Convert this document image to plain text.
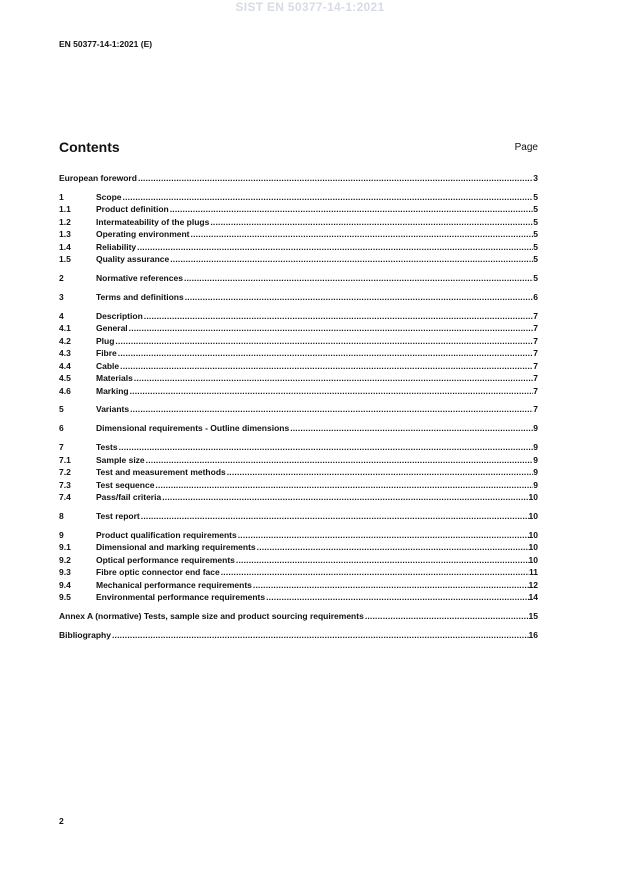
SIST EN 50377-14-1:2021
EN 50377-14-1:2021 (E)
Contents	Page
European foreword .....	3
1	Scope .....	5
1.1	Product definition .....	5
1.2	Intermateability of the plugs .....	5
1.3	Operating environment .....	5
1.4	Reliability .....	5
1.5	Quality assurance .....	5
2	Normative references .....	5
3	Terms and definitions .....	6
4	Description .....	7
4.1	General .....	7
4.2	Plug .....	7
4.3	Fibre .....	7
4.4	Cable .....	7
4.5	Materials .....	7
4.6	Marking .....	7
5	Variants .....	7
6	Dimensional requirements - Outline dimensions .....	9
7	Tests .....	9
7.1	Sample size .....	9
7.2	Test and measurement methods .....	9
7.3	Test sequence .....	9
7.4	Pass/fail criteria .....	10
8	Test report .....	10
9	Product qualification requirements .....	10
9.1	Dimensional and marking requirements .....	10
9.2	Optical performance requirements .....	10
9.3	Fibre optic connector end face .....	11
9.4	Mechanical performance requirements .....	12
9.5	Environmental performance requirements .....	14
Annex A (normative) Tests, sample size and product sourcing requirements .....	15
Bibliography .....	16
2
